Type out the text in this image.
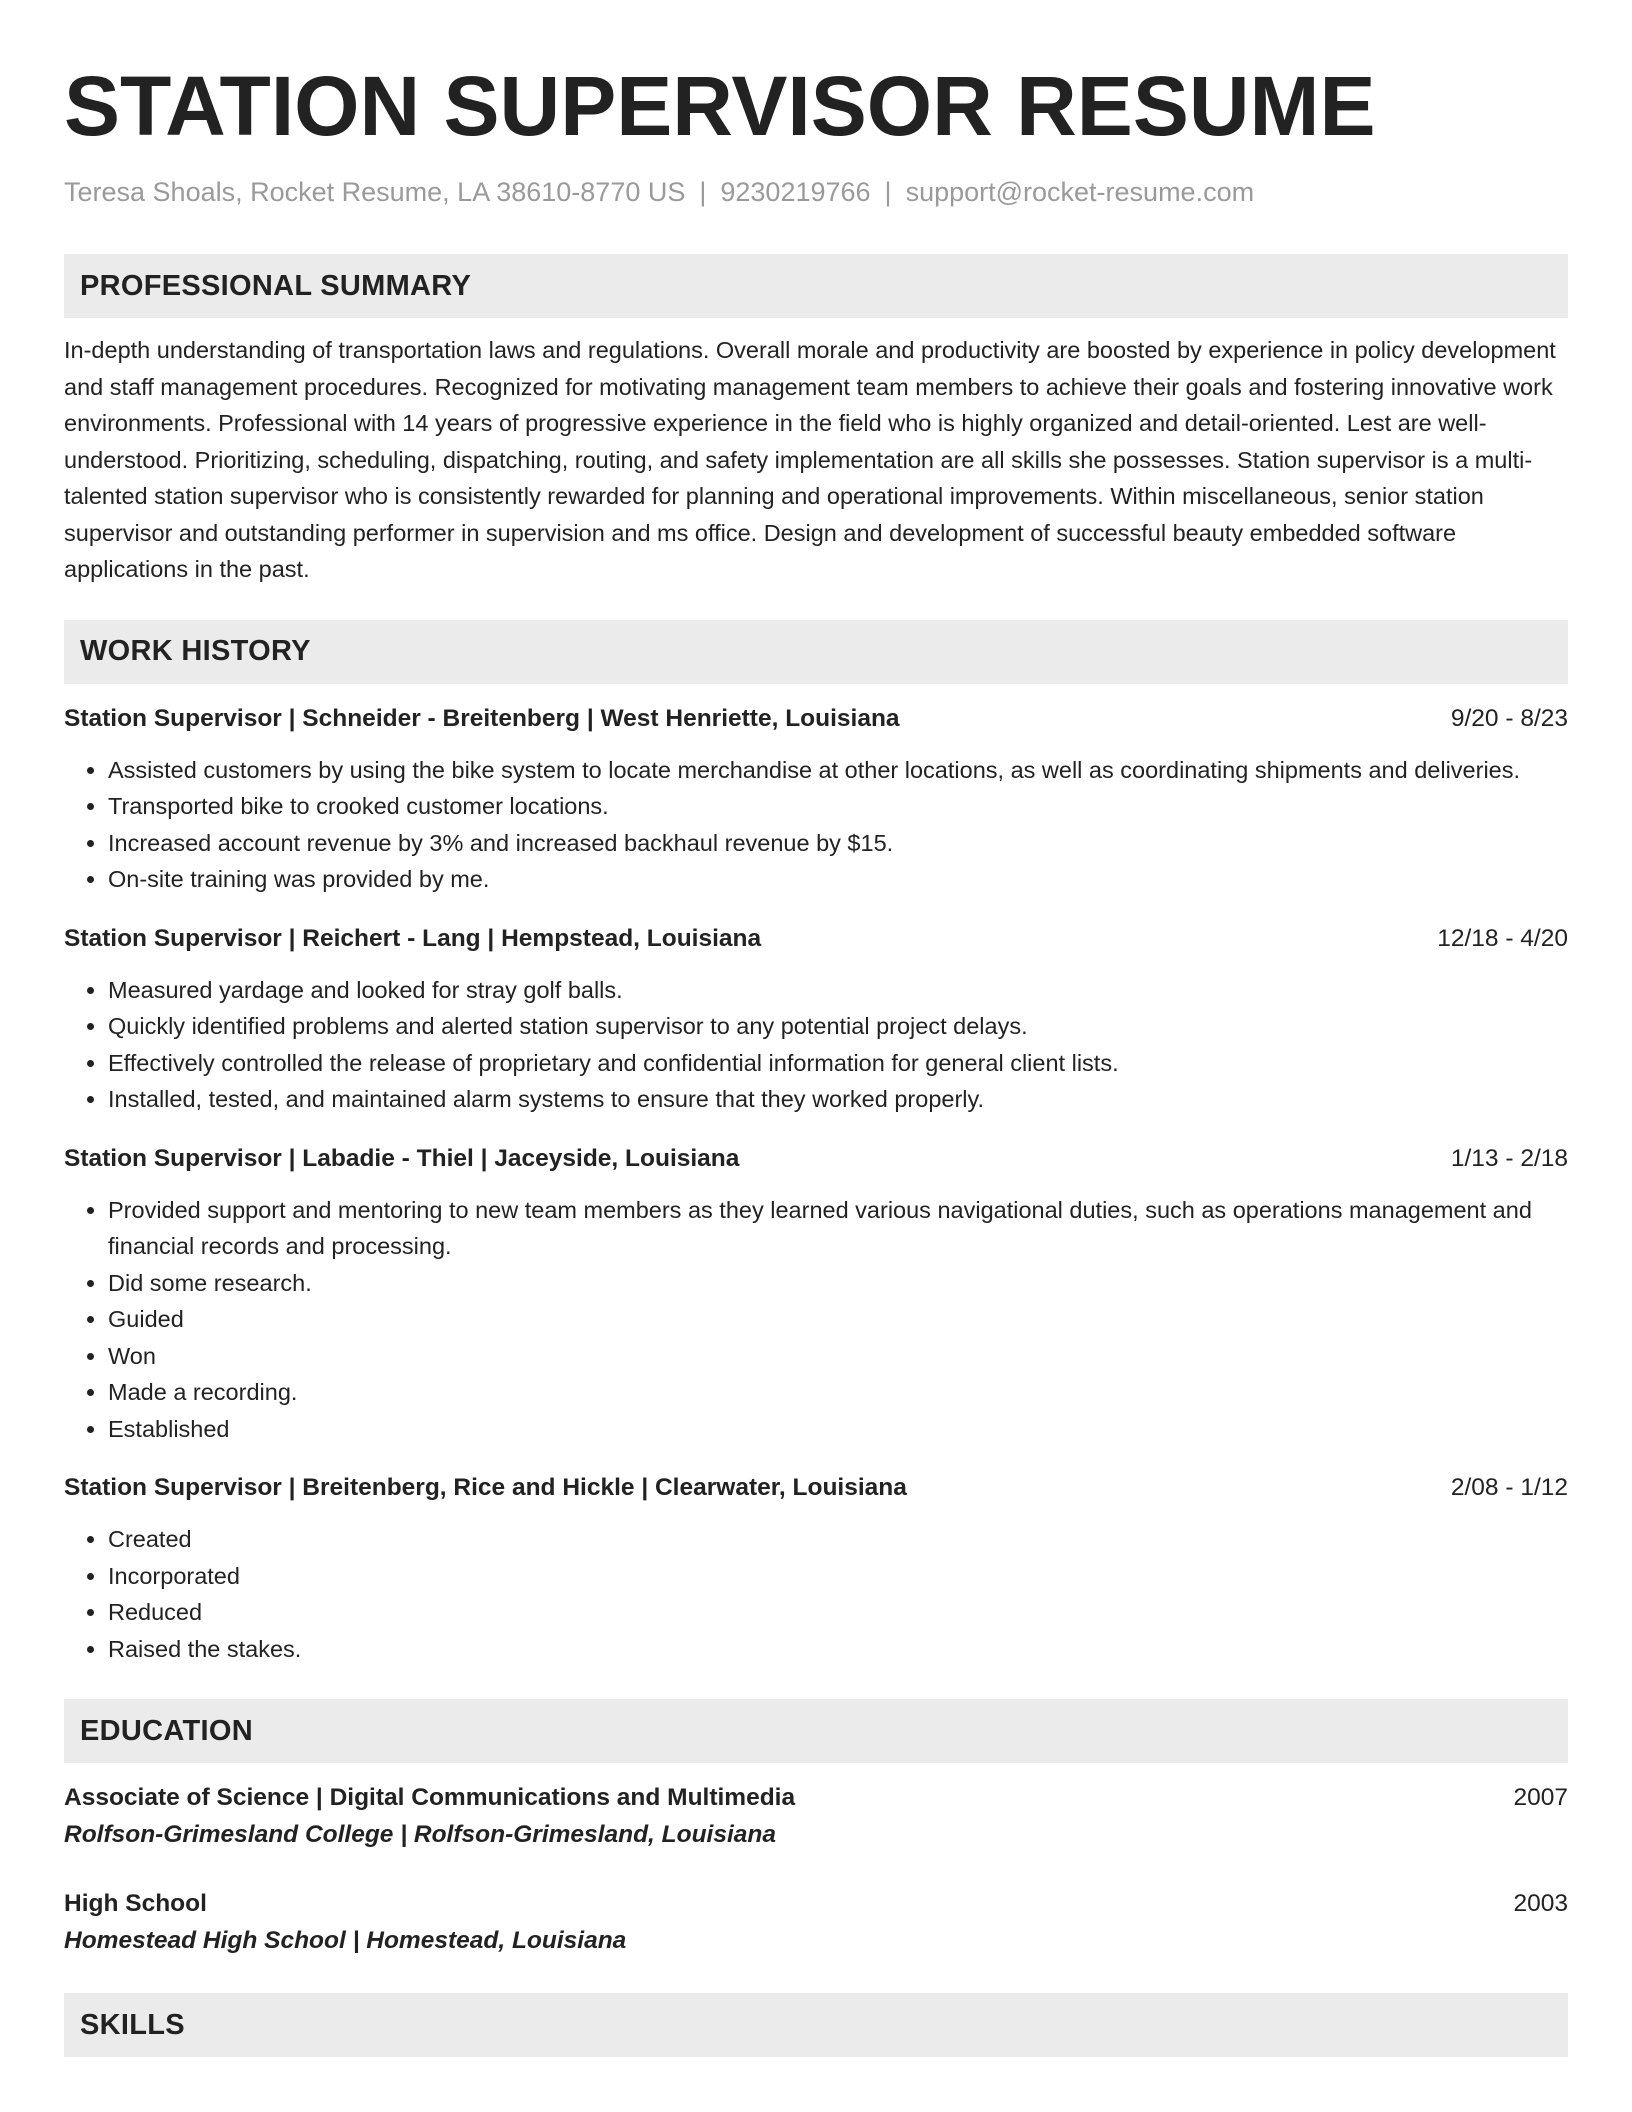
STATION SUPERVISOR RESUME
Teresa Shoals, Rocket Resume, LA 38610-8770 US | 9230219766 | support@rocket-resume.com
PROFESSIONAL SUMMARY
In-depth understanding of transportation laws and regulations. Overall morale and productivity are boosted by experience in policy development and staff management procedures. Recognized for motivating management team members to achieve their goals and fostering innovative work environments. Professional with 14 years of progressive experience in the field who is highly organized and detail-oriented. Lest are well-understood. Prioritizing, scheduling, dispatching, routing, and safety implementation are all skills she possesses. Station supervisor is a multi-talented station supervisor who is consistently rewarded for planning and operational improvements. Within miscellaneous, senior station supervisor and outstanding performer in supervision and ms office. Design and development of successful beauty embedded software applications in the past.
WORK HISTORY
Station Supervisor | Schneider - Breitenberg | West Henriette, Louisiana	9/20 - 8/23
• Assisted customers by using the bike system to locate merchandise at other locations, as well as coordinating shipments and deliveries.
• Transported bike to crooked customer locations.
• Increased account revenue by 3% and increased backhaul revenue by $15.
• On-site training was provided by me.
Station Supervisor | Reichert - Lang | Hempstead, Louisiana	12/18 - 4/20
• Measured yardage and looked for stray golf balls.
• Quickly identified problems and alerted station supervisor to any potential project delays.
• Effectively controlled the release of proprietary and confidential information for general client lists.
• Installed, tested, and maintained alarm systems to ensure that they worked properly.
Station Supervisor | Labadie - Thiel | Jaceyside, Louisiana	1/13 - 2/18
• Provided support and mentoring to new team members as they learned various navigational duties, such as operations management and financial records and processing.
• Did some research.
• Guided
• Won
• Made a recording.
• Established
Station Supervisor | Breitenberg, Rice and Hickle | Clearwater, Louisiana	2/08 - 1/12
• Created
• Incorporated
• Reduced
• Raised the stakes.
EDUCATION
Associate of Science | Digital Communications and Multimedia	2007
Rolfson-Grimesland College | Rolfson-Grimesland, Louisiana
High School	2003
Homestead High School | Homestead, Louisiana
SKILLS
